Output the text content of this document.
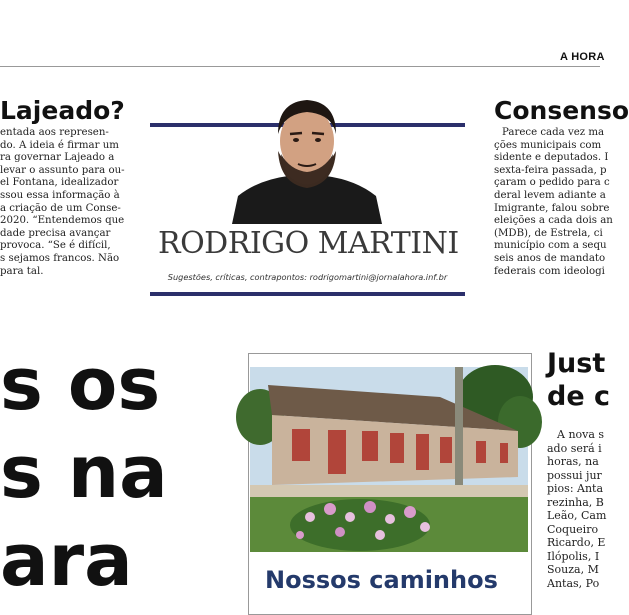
A HORA
Lajeado?
entada aos represen-
do. A ideia é firmar um
ra governar Lajeado a
levar o assunto para ou-
el Fontana, idealizador
ssou essa informação à
a criação de um Conse-
2020. “Entendemos que
dade precisa avançar
provoca. “Se é difícil,
s sejamos francos. Não
para tal.
RODRIGO MARTINI
Sugestões, críticas, contrapontos: rodrigomartini@jornalahora.inf.br
Consenso
Parece cada vez ma
ções municipais com
sidente e deputados. I
sexta-feira passada, p
çaram o pedido para c
deral levem adiante a
Imigrante, falou sobre
eleições a cada dois an
(MDB), de Estrela, ci
município com a sequ
seis anos de mandato
federais com ideologi
s os
s na
ara	Nossos caminhos
Just
de c
A nova s
ado será i
horas, na
possui jur
pios: Anta
rezinha, B
Leão, Cam
Coqueiro
Ricardo, E
Ilópolis, I
Souza, M
Antas, Po
